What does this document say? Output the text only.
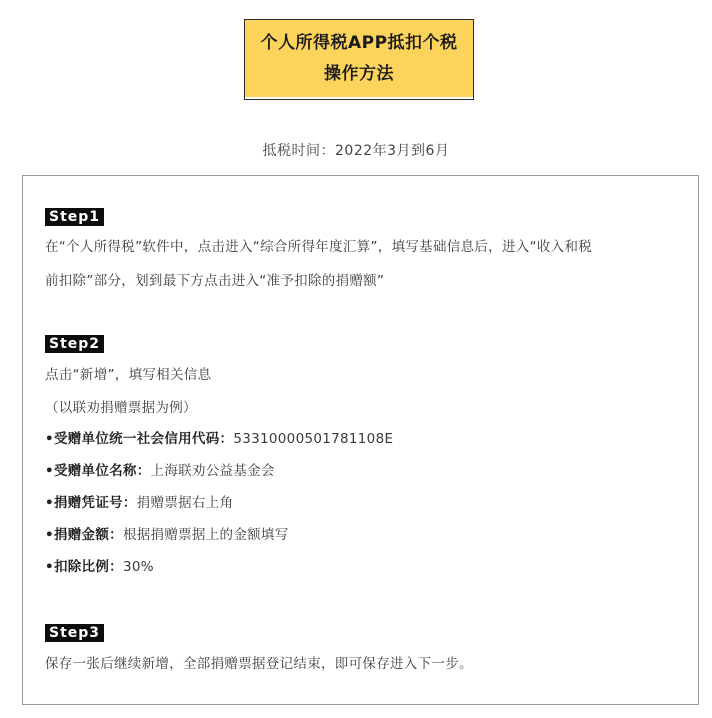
个人所得税APP抵扣个税
操作方法
抵税时间：2022年3月到6月
Step1
在“个人所得税”软件中，点击进入“综合所得年度汇算”，填写基础信息后，进入“收入和税
前扣除”部分，划到最下方点击进入“准予扣除的捐赠额”
Step2
点击“新增”，填写相关信息
（以联劝捐赠票据为例）
•受赠单位统一社会信用代码：53310000501781108E
•受赠单位名称：上海联劝公益基金会
•捐赠凭证号：捐赠票据右上角
•捐赠金额：根据捐赠票据上的金额填写
•扣除比例：30%
Step3
保存一张后继续新增，全部捐赠票据登记结束，即可保存进入下一步。
